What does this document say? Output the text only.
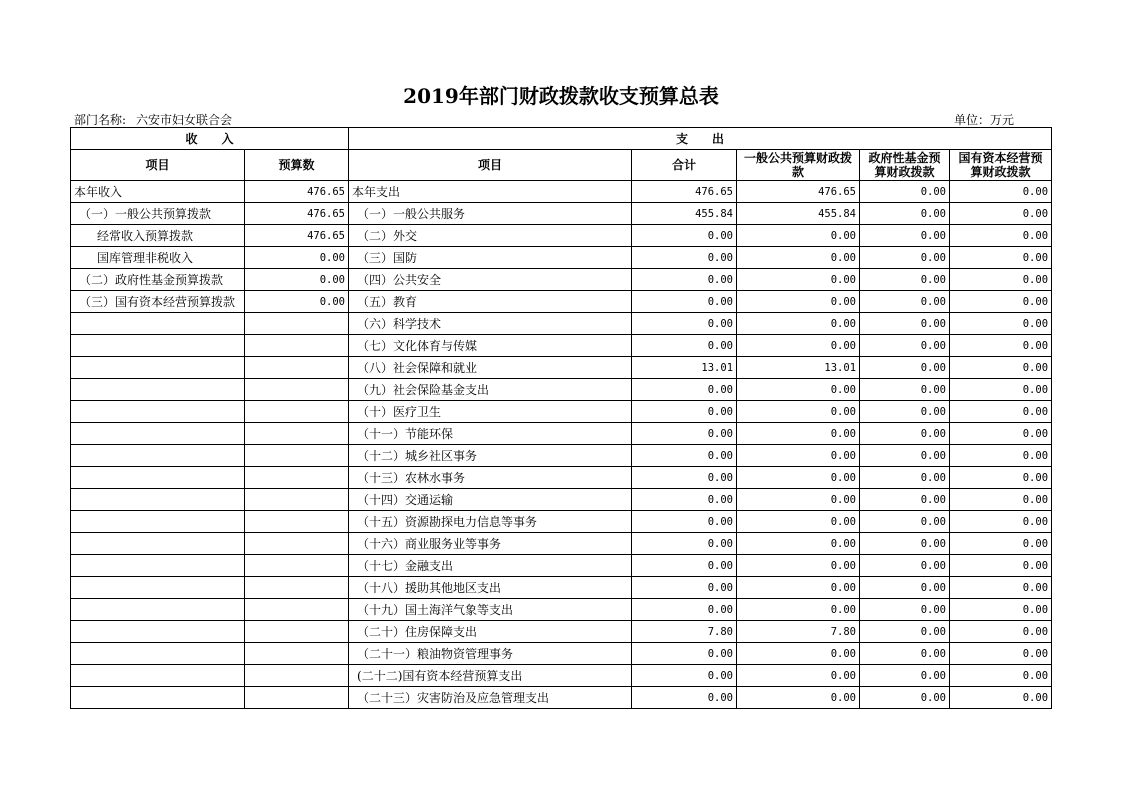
2019年部门财政拨款收支预算总表
部门名称: 六安市妇女联合会	单位：万元
收　　入		支　　出				
项目	预算数	项目	合计	一般公共预算财政拨款	政府性基金预算财政拨款	国有资本经营预算财政拨款
本年收入	476.65	本年支出	476.65	476.65	0.00	0.00
（一）一般公共预算拨款	476.65	（一）一般公共服务	455.84	455.84	0.00	0.00
经常收入预算拨款	476.65	（二）外交	0.00	0.00	0.00	0.00
国库管理非税收入	0.00	（三）国防	0.00	0.00	0.00	0.00
（二）政府性基金预算拨款	0.00	（四）公共安全	0.00	0.00	0.00	0.00
（三）国有资本经营预算拨款	0.00	（五）教育	0.00	0.00	0.00	0.00
		（六）科学技术	0.00	0.00	0.00	0.00
		（七）文化体育与传媒	0.00	0.00	0.00	0.00
		（八）社会保障和就业	13.01	13.01	0.00	0.00
		（九）社会保险基金支出	0.00	0.00	0.00	0.00
		（十）医疗卫生	0.00	0.00	0.00	0.00
		（十一）节能环保	0.00	0.00	0.00	0.00
		（十二）城乡社区事务	0.00	0.00	0.00	0.00
		（十三）农林水事务	0.00	0.00	0.00	0.00
		（十四）交通运输	0.00	0.00	0.00	0.00
		（十五）资源勘探电力信息等事务	0.00	0.00	0.00	0.00
		（十六）商业服务业等事务	0.00	0.00	0.00	0.00
		（十七）金融支出	0.00	0.00	0.00	0.00
		（十八）援助其他地区支出	0.00	0.00	0.00	0.00
		（十九）国土海洋气象等支出	0.00	0.00	0.00	0.00
		（二十）住房保障支出	7.80	7.80	0.00	0.00
		（二十一）粮油物资管理事务	0.00	0.00	0.00	0.00
		(二十二)国有资本经营预算支出	0.00	0.00	0.00	0.00
		（二十三）灾害防治及应急管理支出	0.00	0.00	0.00	0.00
